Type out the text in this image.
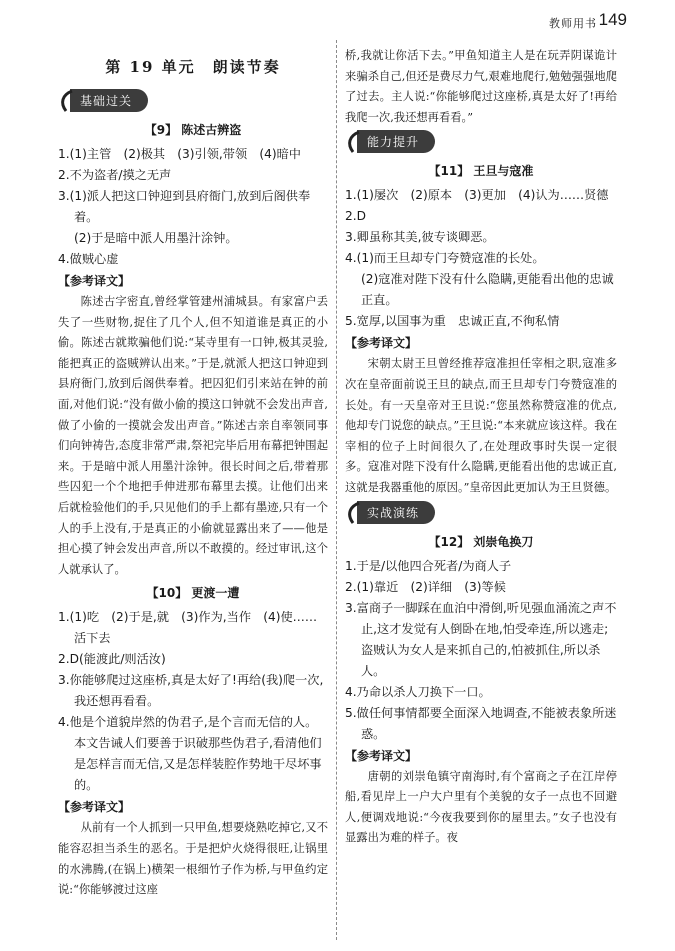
教师用书 149
第 19 单元　朗读节奏
基础过关
【9】 陈述古辨盗

1.(1)主管　(2)极其　(3)引领,带领　(4)暗中

2.不为盗者/摸之无声

3.(1)派人把这口钟迎到县府衙门,放到后阁供奉着。

(2)于是暗中派人用墨汁涂钟。

4.做贼心虚

【参考译文】

陈述古字密直,曾经掌管建州浦城县。有家富户丢失了一些财物,捉住了几个人,但不知道谁是真正的小偷。陈述古就欺骗他们说:“某寺里有一口钟,极其灵验,能把真正的盗贼辨认出来。”于是,就派人把这口钟迎到县府衙门,放到后阁供奉着。把囚犯们引来站在钟的前面,对他们说:“没有做小偷的摸这口钟就不会发出声音,做了小偷的一摸就会发出声音。”陈述古亲自率领同事们向钟祷告,态度非常严肃,祭祀完毕后用布幕把钟围起来。于是暗中派人用墨汁涂钟。很长时间之后,带着那些囚犯一个个地把手伸进那布幕里去摸。让他们出来后就检验他们的手,只见他们的手上都有墨迹,只有一个人的手上没有,于是真正的小偷就显露出来了——他是担心摸了钟会发出声音,所以不敢摸的。经过审讯,这个人就承认了。

【10】 更渡一遭

1.(1)吃　(2)于是,就　(3)作为,当作　(4)使……活下去

2.D(能渡此/则活汝)

3.你能够爬过这座桥,真是太好了!再给(我)爬一次,我还想再看看。

4.他是个道貌岸然的伪君子,是个言而无信的人。

本文告诫人们要善于识破那些伪君子,看清他们是怎样言而无信,又是怎样装腔作势地干尽坏事的。

【参考译文】

从前有一个人抓到一只甲鱼,想要烧熟吃掉它,又不能容忍担当杀生的恶名。于是把炉火烧得很旺,让锅里的水沸腾,(在锅上)横架一根细竹子作为桥,与甲鱼约定说:“你能够渡过这座

桥,我就让你活下去。”甲鱼知道主人是在玩弄阴谋诡计来骗杀自己,但还是费尽力气,艰难地爬行,勉勉强强地爬了过去。主人说:“你能够爬过这座桥,真是太好了!再给我爬一次,我还想再看看。”

能力提升
【11】 王旦与寇准

1.(1)屡次　(2)原本　(3)更加　(4)认为……贤德

2.D

3.卿虽称其美,彼专谈卿恶。

4.(1)而王旦却专门夸赞寇准的长处。

(2)寇准对陛下没有什么隐瞒,更能看出他的忠诚正直。

5.宽厚,以国事为重　忠诚正直,不徇私情

【参考译文】

宋朝太尉王旦曾经推荐寇准担任宰相之职,寇准多次在皇帝面前说王旦的缺点,而王旦却专门夸赞寇准的长处。有一天皇帝对王旦说:“您虽然称赞寇准的优点,他却专门说您的缺点。”王旦说:“本来就应该这样。我在宰相的位子上时间很久了,在处理政事时失误一定很多。寇准对陛下没有什么隐瞒,更能看出他的忠诚正直,这就是我器重他的原因。”皇帝因此更加认为王旦贤德。

实战演练
【12】 刘崇龟换刀

1.于是/以他四合死者/为商人子

2.(1)靠近　(2)详细　(3)等候

3.富商子一脚踩在血泊中滑倒,听见强血涌流之声不止,这才发觉有人倒卧在地,怕受牵连,所以逃走;盗贼认为女人是来抓自己的,怕被抓住,所以杀人。

4.乃命以杀人刀换下一口。

5.做任何事情都要全面深入地调查,不能被表象所迷惑。

【参考译文】

唐朝的刘崇龟镇守南海时,有个富商之子在江岸停船,看见岸上一户大户里有个美貌的女子一点也不回避人,便调戏地说:“今夜我要到你的屋里去。”女子也没有显露出为难的样子。夜
